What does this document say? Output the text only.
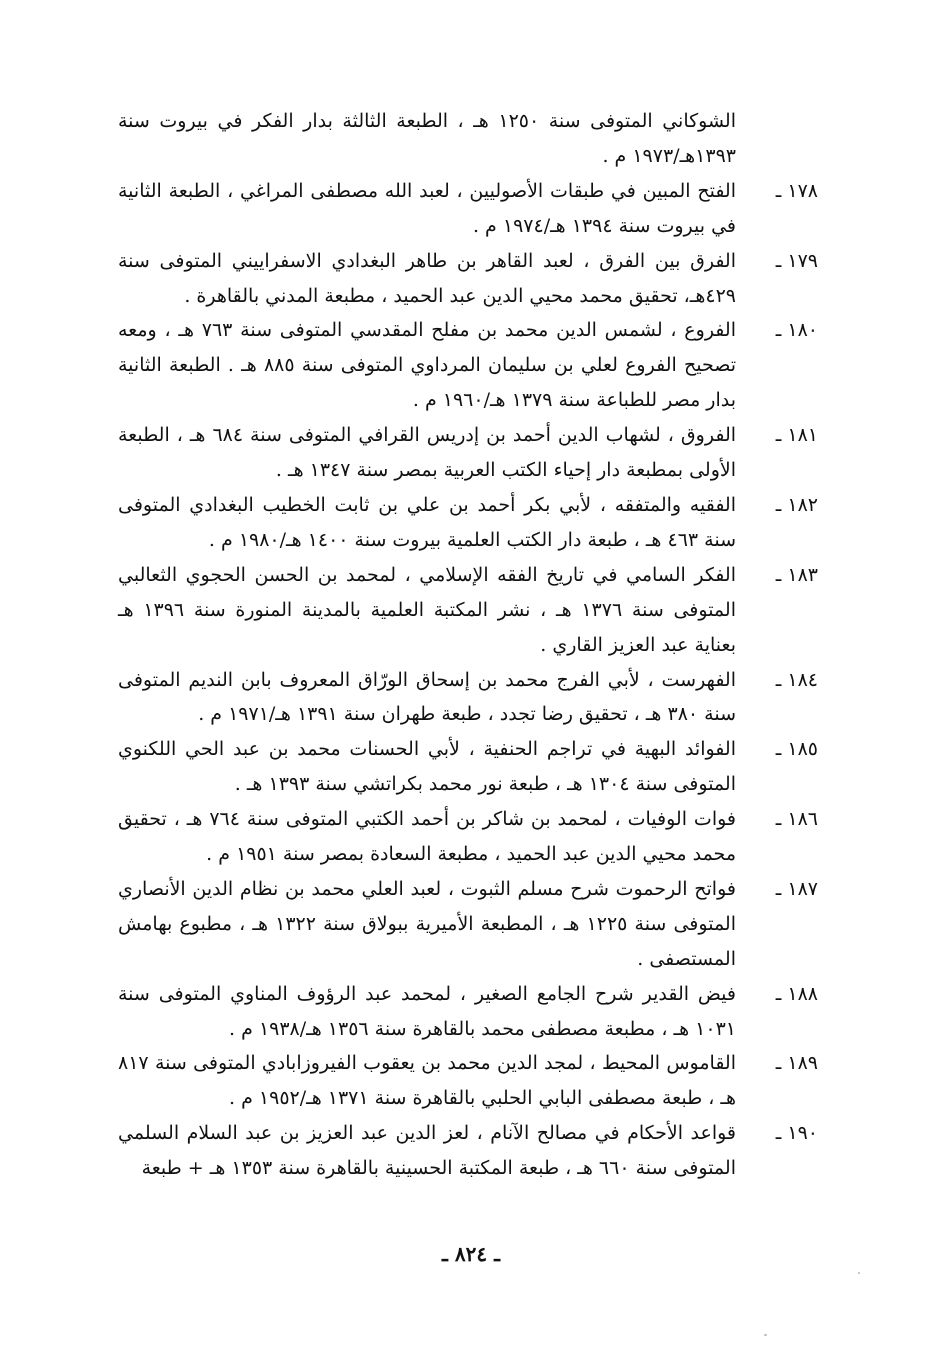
الشوكاني المتوفى سنة ١٢٥٠ هـ ، الطبعة الثالثة بدار الفكر في بيروت سنة ١٣٩٣هـ/١٩٧٣ م .
١٧٨ ـ
الفتح المبين في طبقات الأصوليين ، لعبد الله مصطفى المراغي ، الطبعة الثانية في بيروت سنة ١٣٩٤ هـ/١٩٧٤ م .
١٧٩ ـ
الفرق بين الفرق ، لعبد القاهر بن طاهر البغدادي الاسفراييني المتوفى سنة ٤٢٩هـ، تحقيق محمد محيي الدين عبد الحميد ، مطبعة المدني بالقاهرة .
١٨٠ ـ
الفروع ، لشمس الدين محمد بن مفلح المقدسي المتوفى سنة ٧٦٣ هـ ، ومعه تصحيح الفروع لعلي بن سليمان المرداوي المتوفى سنة ٨٨٥ هـ . الطبعة الثانية بدار مصر للطباعة سنة ١٣٧٩ هـ/١٩٦٠ م .
١٨١ ـ
الفروق ، لشهاب الدين أحمد بن إدريس القرافي المتوفى سنة ٦٨٤ هـ ، الطبعة الأولى بمطبعة دار إحياء الكتب العربية بمصر سنة ١٣٤٧ هـ .
١٨٢ ـ
الفقيه والمتفقه ، لأبي بكر أحمد بن علي بن ثابت الخطيب البغدادي المتوفى سنة ٤٦٣ هـ ، طبعة دار الكتب العلمية بيروت سنة ١٤٠٠ هـ/١٩٨٠ م .
١٨٣ ـ
الفكر السامي في تاريخ الفقه الإسلامي ، لمحمد بن الحسن الحجوي الثعالبي المتوفى سنة ١٣٧٦ هـ ، نشر المكتبة العلمية بالمدينة المنورة سنة ١٣٩٦ هـ بعناية عبد العزيز القاري .
١٨٤ ـ
الفهرست ، لأبي الفرج محمد بن إسحاق الورّاق المعروف بابن النديم المتوفى سنة ٣٨٠ هـ ، تحقيق رضا تجدد ، طبعة طهران سنة ١٣٩١ هـ/١٩٧١ م .
١٨٥ ـ
الفوائد البهية في تراجم الحنفية ، لأبي الحسنات محمد بن عبد الحي اللكنوي المتوفى سنة ١٣٠٤ هـ ، طبعة نور محمد بكراتشي سنة ١٣٩٣ هـ .
١٨٦ ـ
فوات الوفيات ، لمحمد بن شاكر بن أحمد الكتبي المتوفى سنة ٧٦٤ هـ ، تحقيق محمد محيي الدين عبد الحميد ، مطبعة السعادة بمصر سنة ١٩٥١ م .
١٨٧ ـ
فواتح الرحموت شرح مسلم الثبوت ، لعبد العلي محمد بن نظام الدين الأنصاري المتوفى سنة ١٢٢٥ هـ ، المطبعة الأميرية ببولاق سنة ١٣٢٢ هـ ، مطبوع بهامش المستصفى .
١٨٨ ـ
فيض القدير شرح الجامع الصغير ، لمحمد عبد الرؤوف المناوي المتوفى سنة ١٠٣١ هـ ، مطبعة مصطفى محمد بالقاهرة سنة ١٣٥٦ هـ/١٩٣٨ م .
١٨٩ ـ
القاموس المحيط ، لمجد الدين محمد بن يعقوب الفيروزابادي المتوفى سنة ٨١٧ هـ ، طبعة مصطفى البابي الحلبي بالقاهرة سنة ١٣٧١ هـ/١٩٥٢ م .
١٩٠ ـ
قواعد الأحكام في مصالح الآنام ، لعز الدين عبد العزيز بن عبد السلام السلمي المتوفى سنة ٦٦٠ هـ ، طبعة المكتبة الحسينية بالقاهرة سنة ١٣٥٣ هـ + طبعة
ـ ٨٢٤ ـ
